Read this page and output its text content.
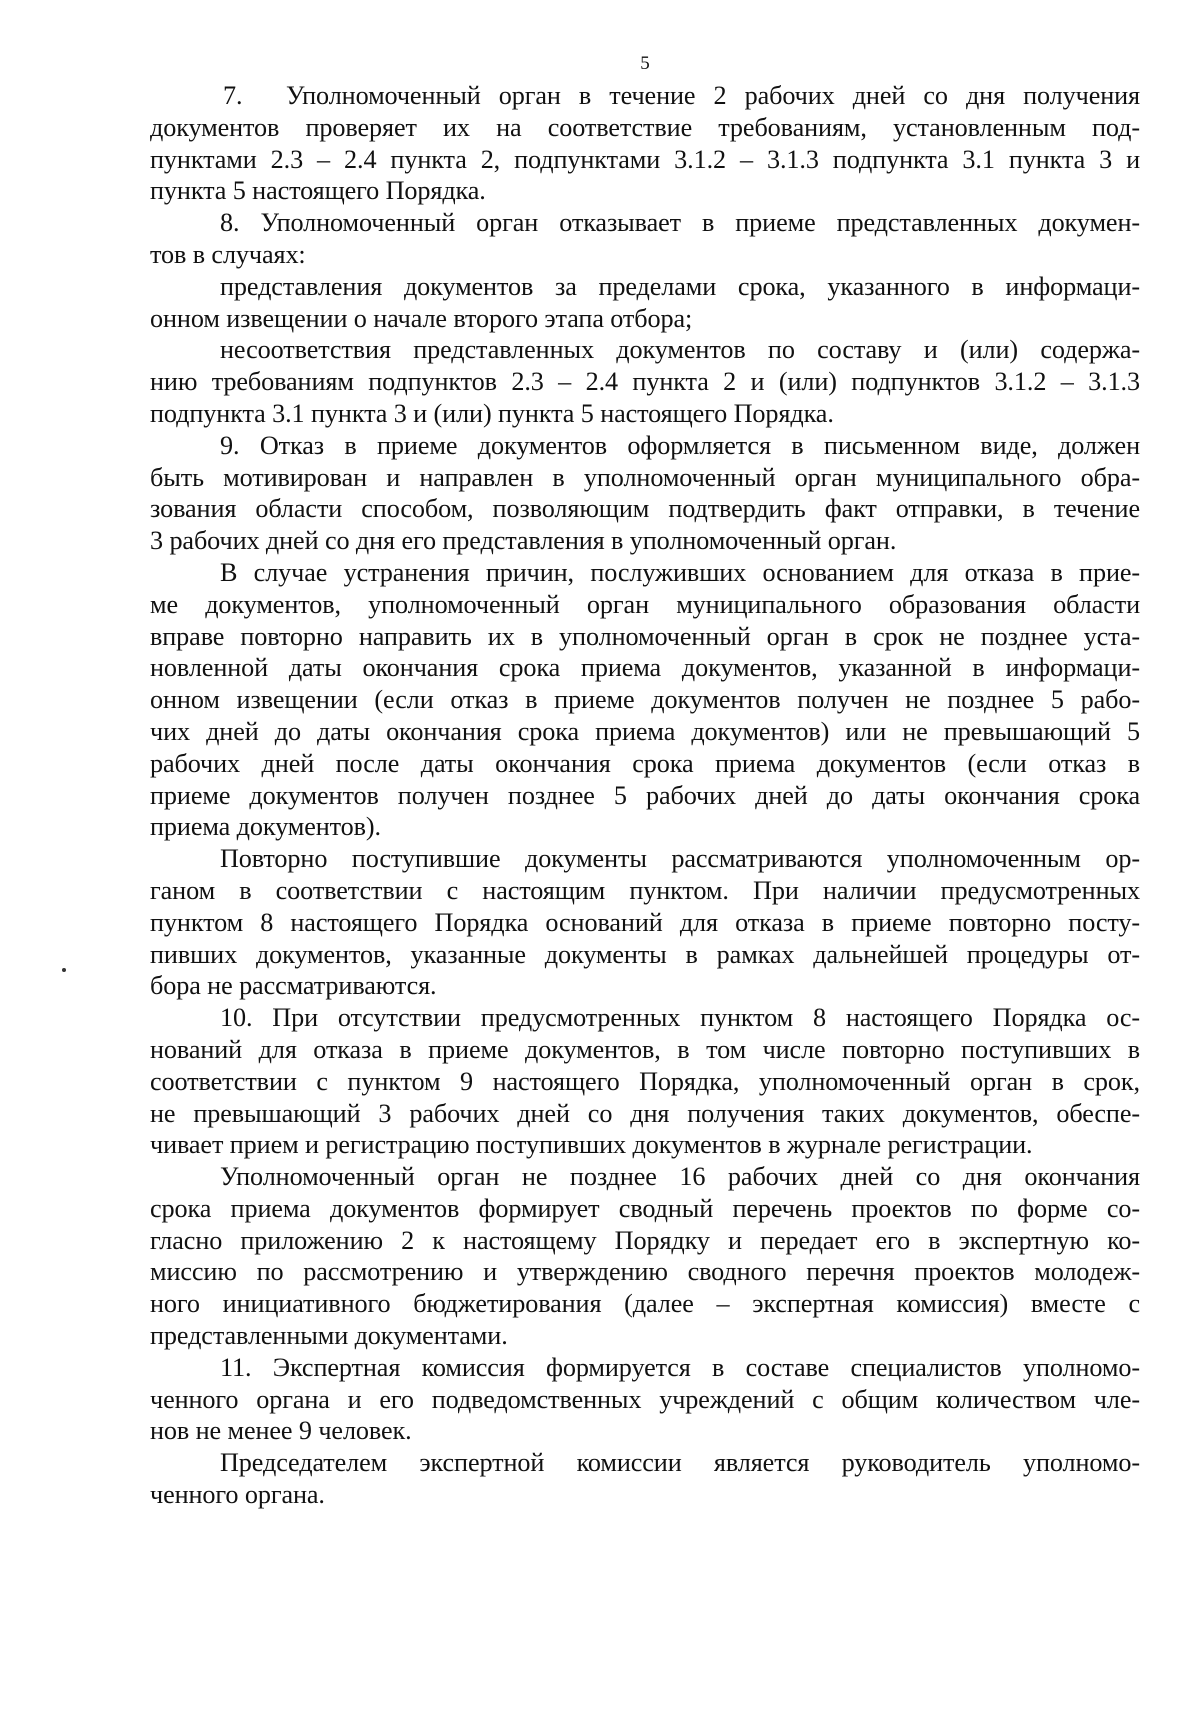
5
7. Уполномоченный орган в течение 2 рабочих дней со дня получения
документов проверяет их на соответствие требованиям, установленным под-
пунктами 2.3 – 2.4 пункта 2, подпунктами 3.1.2 – 3.1.3 подпункта 3.1 пункта 3 и
пункта 5 настоящего Порядка.
8. Уполномоченный орган отказывает в приеме представленных докумен-
тов в случаях:
представления документов за пределами срока, указанного в информаци-
онном извещении о начале второго этапа отбора;
несоответствия представленных документов по составу и (или) содержа-
нию требованиям подпунктов 2.3 – 2.4 пункта 2 и (или) подпунктов 3.1.2 – 3.1.3
подпункта 3.1 пункта 3 и (или) пункта 5 настоящего Порядка.
9. Отказ в приеме документов оформляется в письменном виде, должен
быть мотивирован и направлен в уполномоченный орган муниципального обра-
зования области способом, позволяющим подтвердить факт отправки, в течение
3 рабочих дней со дня его представления в уполномоченный орган.
В случае устранения причин, послуживших основанием для отказа в прие-
ме документов, уполномоченный орган муниципального образования области
вправе повторно направить их в уполномоченный орган в срок не позднее уста-
новленной даты окончания срока приема документов, указанной в информаци-
онном извещении (если отказ в приеме документов получен не позднее 5 рабо-
чих дней до даты окончания срока приема документов) или не превышающий 5
рабочих дней после даты окончания срока приема документов (если отказ в
приеме документов получен позднее 5 рабочих дней до даты окончания срока
приема документов).
Повторно поступившие документы рассматриваются уполномоченным ор-
ганом в соответствии с настоящим пунктом. При наличии предусмотренных
пунктом 8 настоящего Порядка оснований для отказа в приеме повторно посту-
пивших документов, указанные документы в рамках дальнейшей процедуры от-
бора не рассматриваются.
10. При отсутствии предусмотренных пунктом 8 настоящего Порядка ос-
нований для отказа в приеме документов, в том числе повторно поступивших в
соответствии с пунктом 9 настоящего Порядка, уполномоченный орган в срок,
не превышающий 3 рабочих дней со дня получения таких документов, обеспе-
чивает прием и регистрацию поступивших документов в журнале регистрации.
Уполномоченный орган не позднее 16 рабочих дней со дня окончания
срока приема документов формирует сводный перечень проектов по форме со-
гласно приложению 2 к настоящему Порядку и передает его в экспертную ко-
миссию по рассмотрению и утверждению сводного перечня проектов молодеж-
ного инициативного бюджетирования (далее – экспертная комиссия) вместе с
представленными документами.
11. Экспертная комиссия формируется в составе специалистов уполномо-
ченного органа и его подведомственных учреждений с общим количеством чле-
нов не менее 9 человек.
Председателем экспертной комиссии является руководитель уполномо-
ченного органа.
